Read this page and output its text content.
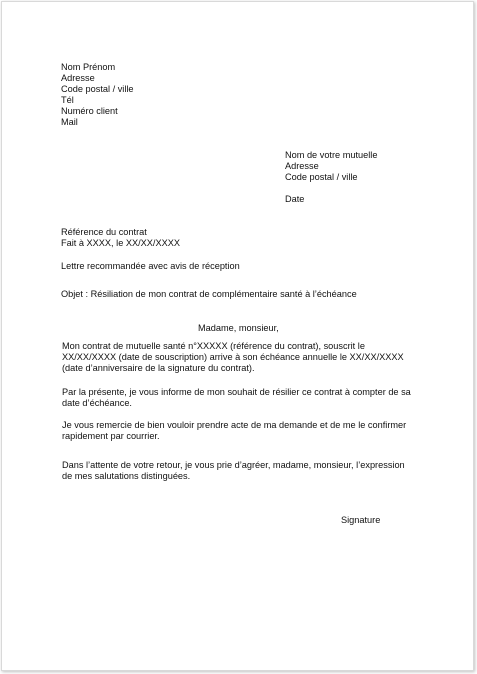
Nom Prénom
Adresse
Code postal / ville
Tél
Numéro client
Mail
Nom de votre mutuelle
Adresse
Code postal / ville
Date
Référence du contrat
Fait à XXXX, le XX/XX/XXXX
Lettre recommandée avec avis de réception
Objet : Résiliation de mon contrat de complémentaire santé à l’échéance
Madame, monsieur,
Mon contrat de mutuelle santé n°XXXXX (référence du contrat), souscrit le
XX/XX/XXXX (date de souscription) arrive à son échéance annuelle le XX/XX/XXXX
(date d’anniversaire de la signature du contrat).
Par la présente, je vous informe de mon souhait de résilier ce contrat à compter de sa
date d’échéance.
Je vous remercie de bien vouloir prendre acte de ma demande et de me le confirmer
rapidement par courrier.
Dans l’attente de votre retour, je vous prie d’agréer, madame, monsieur, l’expression
de mes salutations distinguées.
Signature
